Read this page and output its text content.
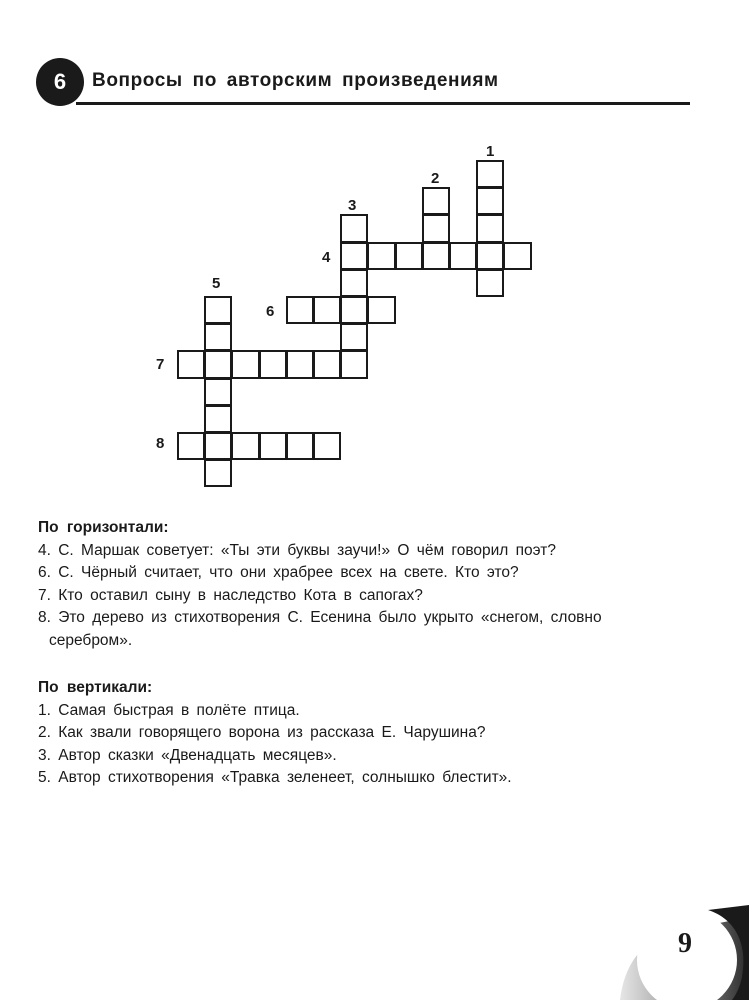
6	Вопросы по авторским произведениям
1
2
3
4
5
6
7
8

По горизонтали:

4. С. Маршак советует: «Ты эти буквы заучи!» О чём говорил поэт?

6. С. Чёрный считает, что они храбрее всех на свете. Кто это?

7. Кто оставил сыну в наследство Кота в сапогах?

8. Это дерево из стихотворения С. Есенина было укрыто «снегом, словно
серебром».

По вертикали:

1. Самая быстрая в полёте птица.

2. Как звали говорящего ворона из рассказа Е. Чарушина?

3. Автор сказки «Двенадцать месяцев».

5. Автор стихотворения «Травка зеленеет, солнышко блестит».

9
